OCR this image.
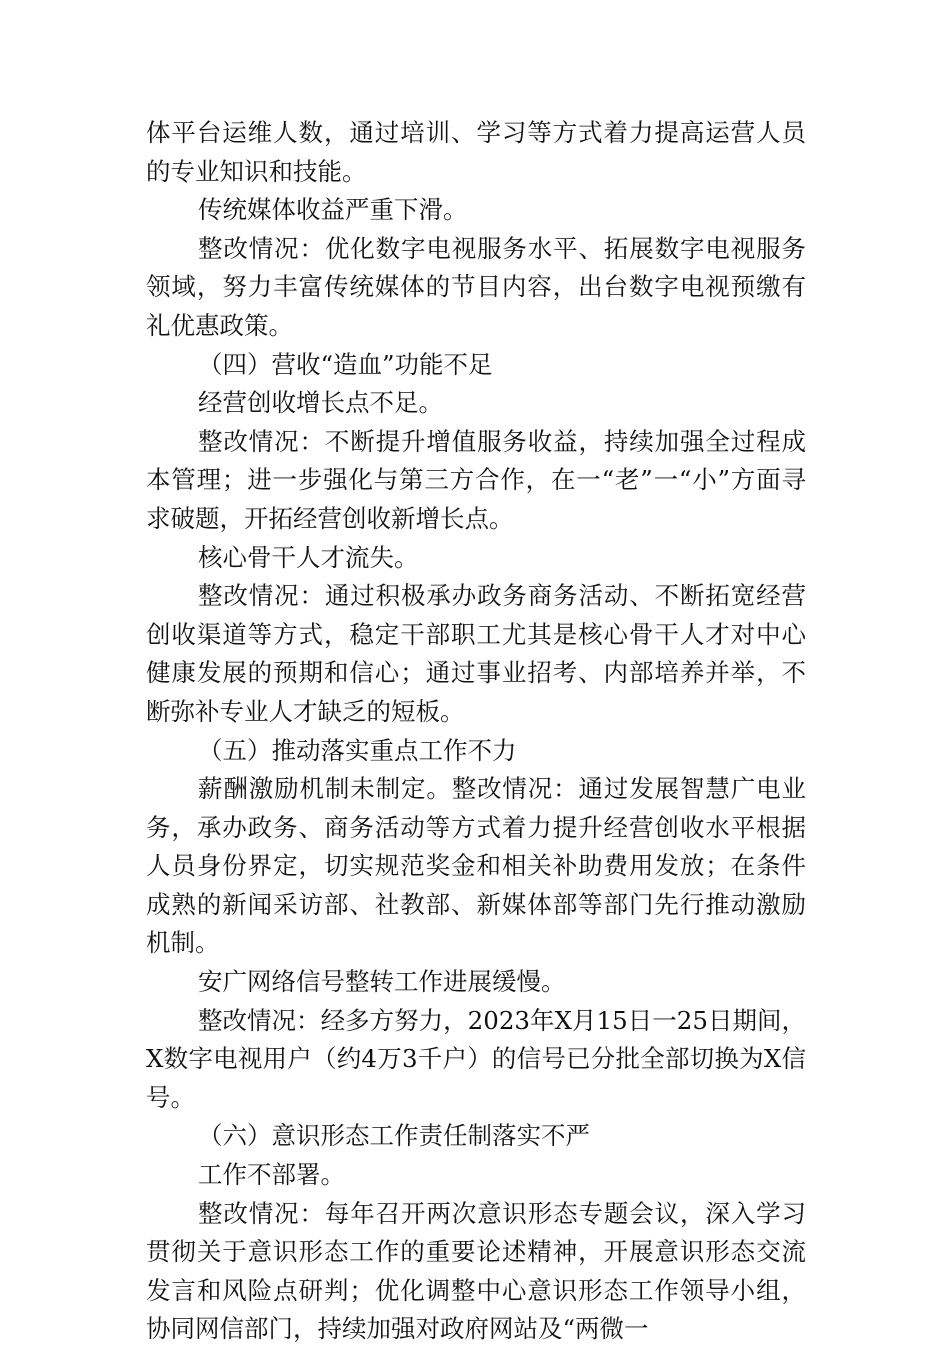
体平台运维人数，通过培训、学习等方式着力提高运营人员的专业知识和技能。

传统媒体收益严重下滑。

整改情况：优化数字电视服务水平、拓展数字电视服务领域，努力丰富传统媒体的节目内容，出台数字电视预缴有礼优惠政策。

（四）营收“造血”功能不足

经营创收增长点不足。

整改情况：不断提升增值服务收益，持续加强全过程成本管理；进一步强化与第三方合作，在一“老”一“小”方面寻求破题，开拓经营创收新增长点。

核心骨干人才流失。

整改情况：通过积极承办政务商务活动、不断拓宽经营创收渠道等方式，稳定干部职工尤其是核心骨干人才对中心健康发展的预期和信心；通过事业招考、内部培养并举，不断弥补专业人才缺乏的短板。

（五）推动落实重点工作不力

薪酬激励机制未制定。整改情况：通过发展智慧广电业务，承办政务、商务活动等方式着力提升经营创收水平根据人员身份界定，切实规范奖金和相关补助费用发放；在条件成熟的新闻采访部、社教部、新媒体部等部门先行推动激励机制。

安广网络信号整转工作进展缓慢。

整改情况：经多方努力，2023年X月15日一25日期间，X数字电视用户（约4万3千户）的信号已分批全部切换为X信号。

（六）意识形态工作责任制落实不严

工作不部署。

整改情况：每年召开两次意识形态专题会议，深入学习贯彻关于意识形态工作的重要论述精神，开展意识形态交流发言和风险点研判；优化调整中心意识形态工作领导小组，协同网信部门，持续加强对政府网站及“两微一
